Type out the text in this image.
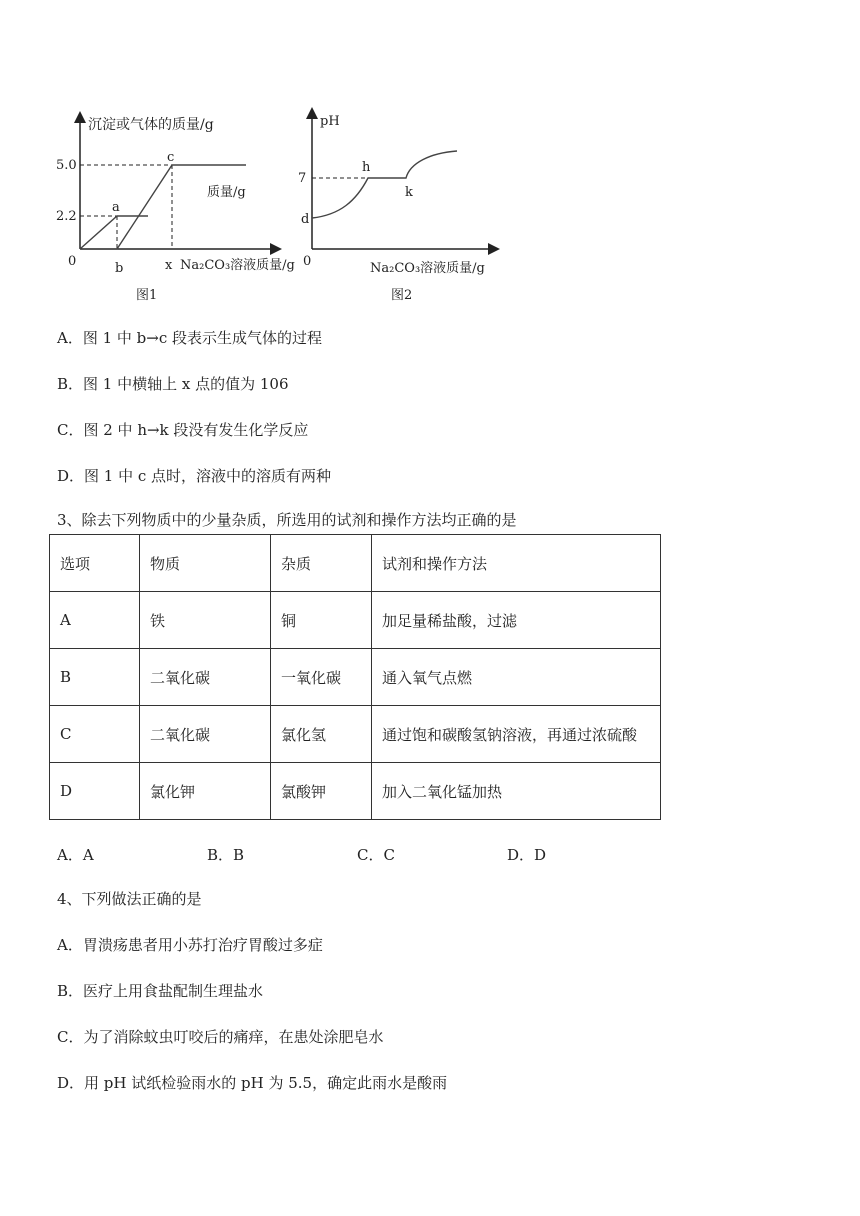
沉淀或气体的质量/g
5.0
2.2
0
a
b
c
x Na₂CO₃溶液质量/g
质量/g
图1
pH
7
0
d
h
k
Na₂CO₃溶液质量/g
图2
A．图 1 中 b→c 段表示生成气体的过程
B．图 1 中横轴上 x 点的值为 106
C．图 2 中 h→k 段没有发生化学反应
D．图 1 中 c 点时，溶液中的溶质有两种
3、除去下列物质中的少量杂质，所选用的试剂和操作方法均正确的是
选项	物质	杂质	试剂和操作方法
A	铁	铜	加足量稀盐酸，过滤
B	二氧化碳	一氧化碳	通入氧气点燃
C	二氧化碳	氯化氢	通过饱和碳酸氢钠溶液，再通过浓硫酸
D	氯化钾	氯酸钾	加入二氧化锰加热
A．A	B．B	C．C	D．D
4、下列做法正确的是
A．胃溃疡患者用小苏打治疗胃酸过多症
B．医疗上用食盐配制生理盐水
C．为了消除蚊虫叮咬后的痛痒，在患处涂肥皂水
D．用 pH 试纸检验雨水的 pH 为 5.5，确定此雨水是酸雨
